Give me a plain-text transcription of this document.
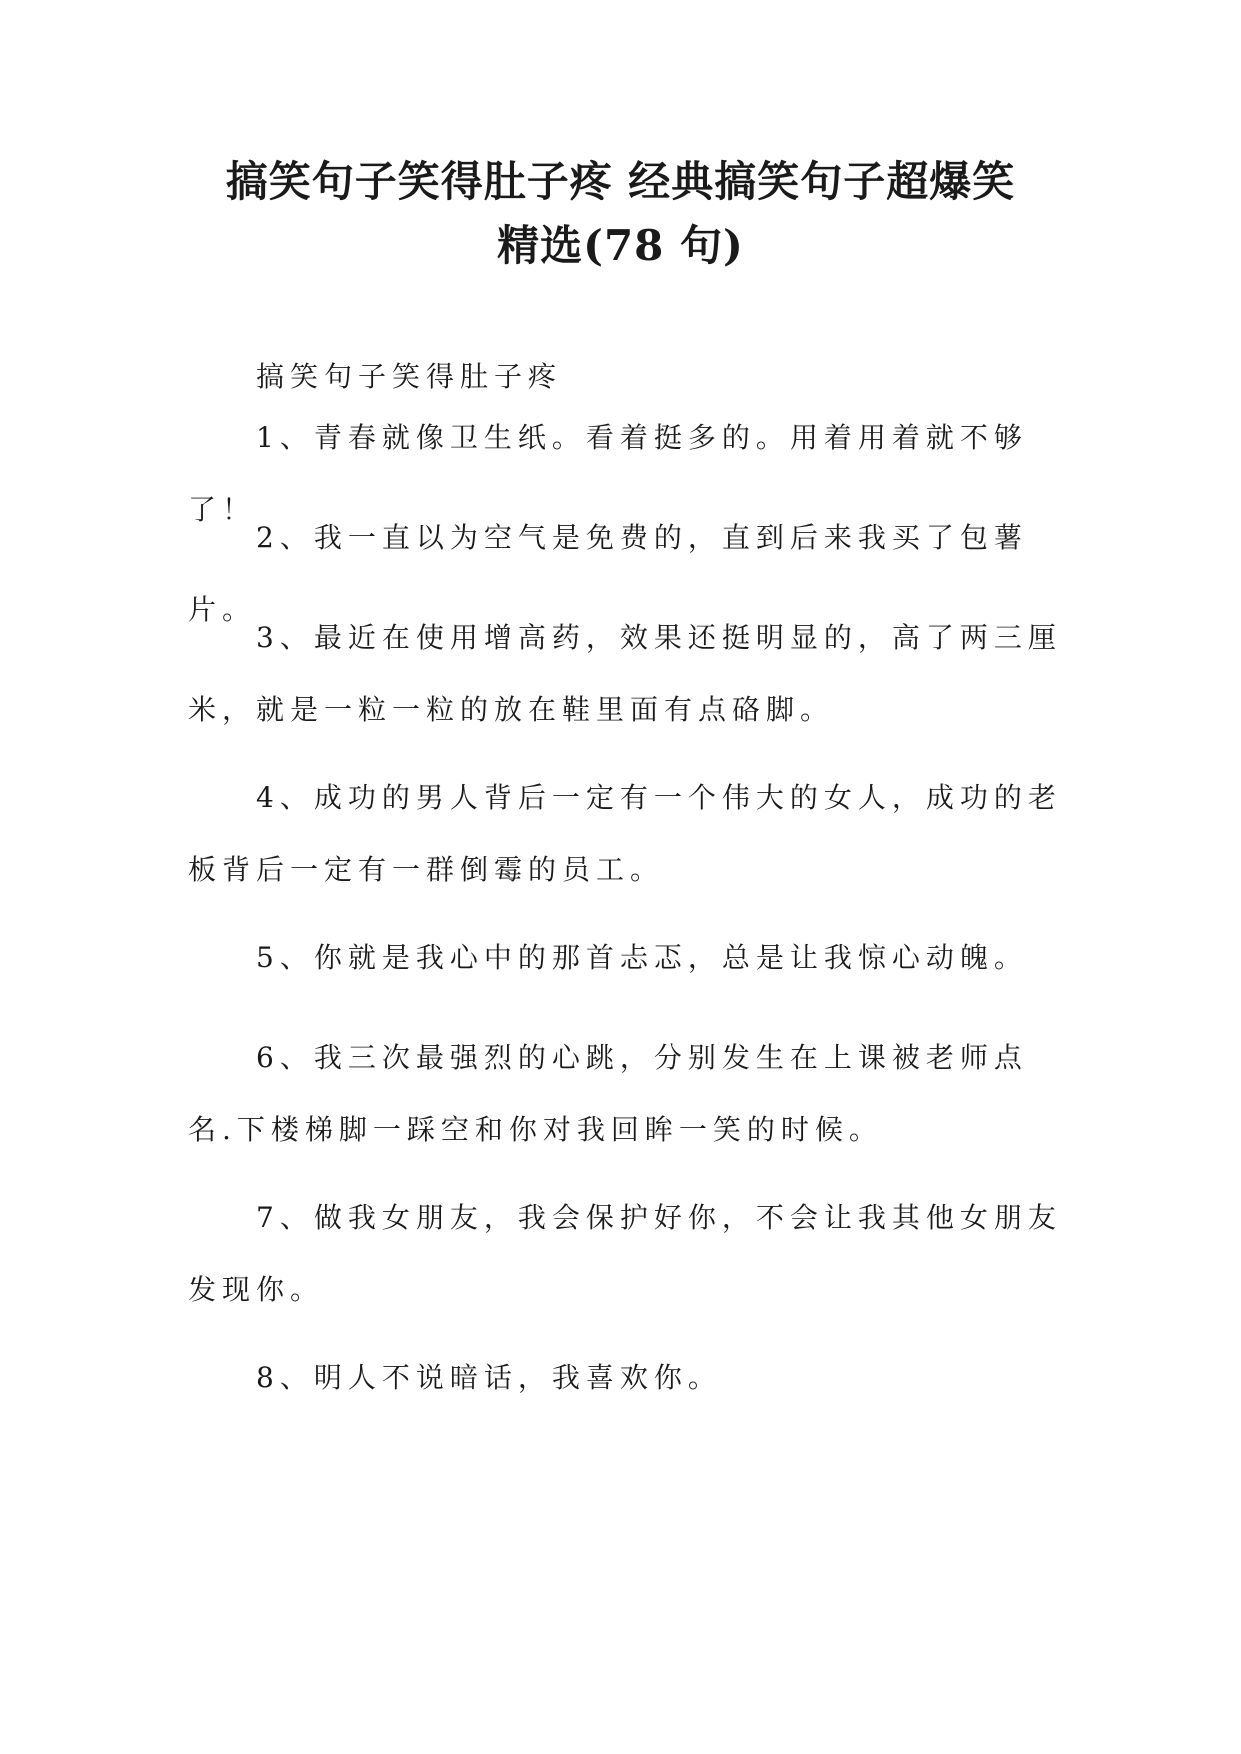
搞笑句子笑得肚子疼 经典搞笑句子超爆笑
精选(78 句)

搞笑句子笑得肚子疼

1、青春就像卫生纸。看着挺多的。用着用着就不够了！

2、我一直以为空气是免费的，直到后来我买了包薯片。

3、最近在使用增高药，效果还挺明显的，高了两三厘米，就是一粒一粒的放在鞋里面有点硌脚。

4、成功的男人背后一定有一个伟大的女人，成功的老板背后一定有一群倒霉的员工。

5、你就是我心中的那首忐忑，总是让我惊心动魄。

6、我三次最强烈的心跳，分别发生在上课被老师点名.下楼梯脚一踩空和你对我回眸一笑的时候。

7、做我女朋友，我会保护好你，不会让我其他女朋友发现你。

8、明人不说暗话，我喜欢你。
